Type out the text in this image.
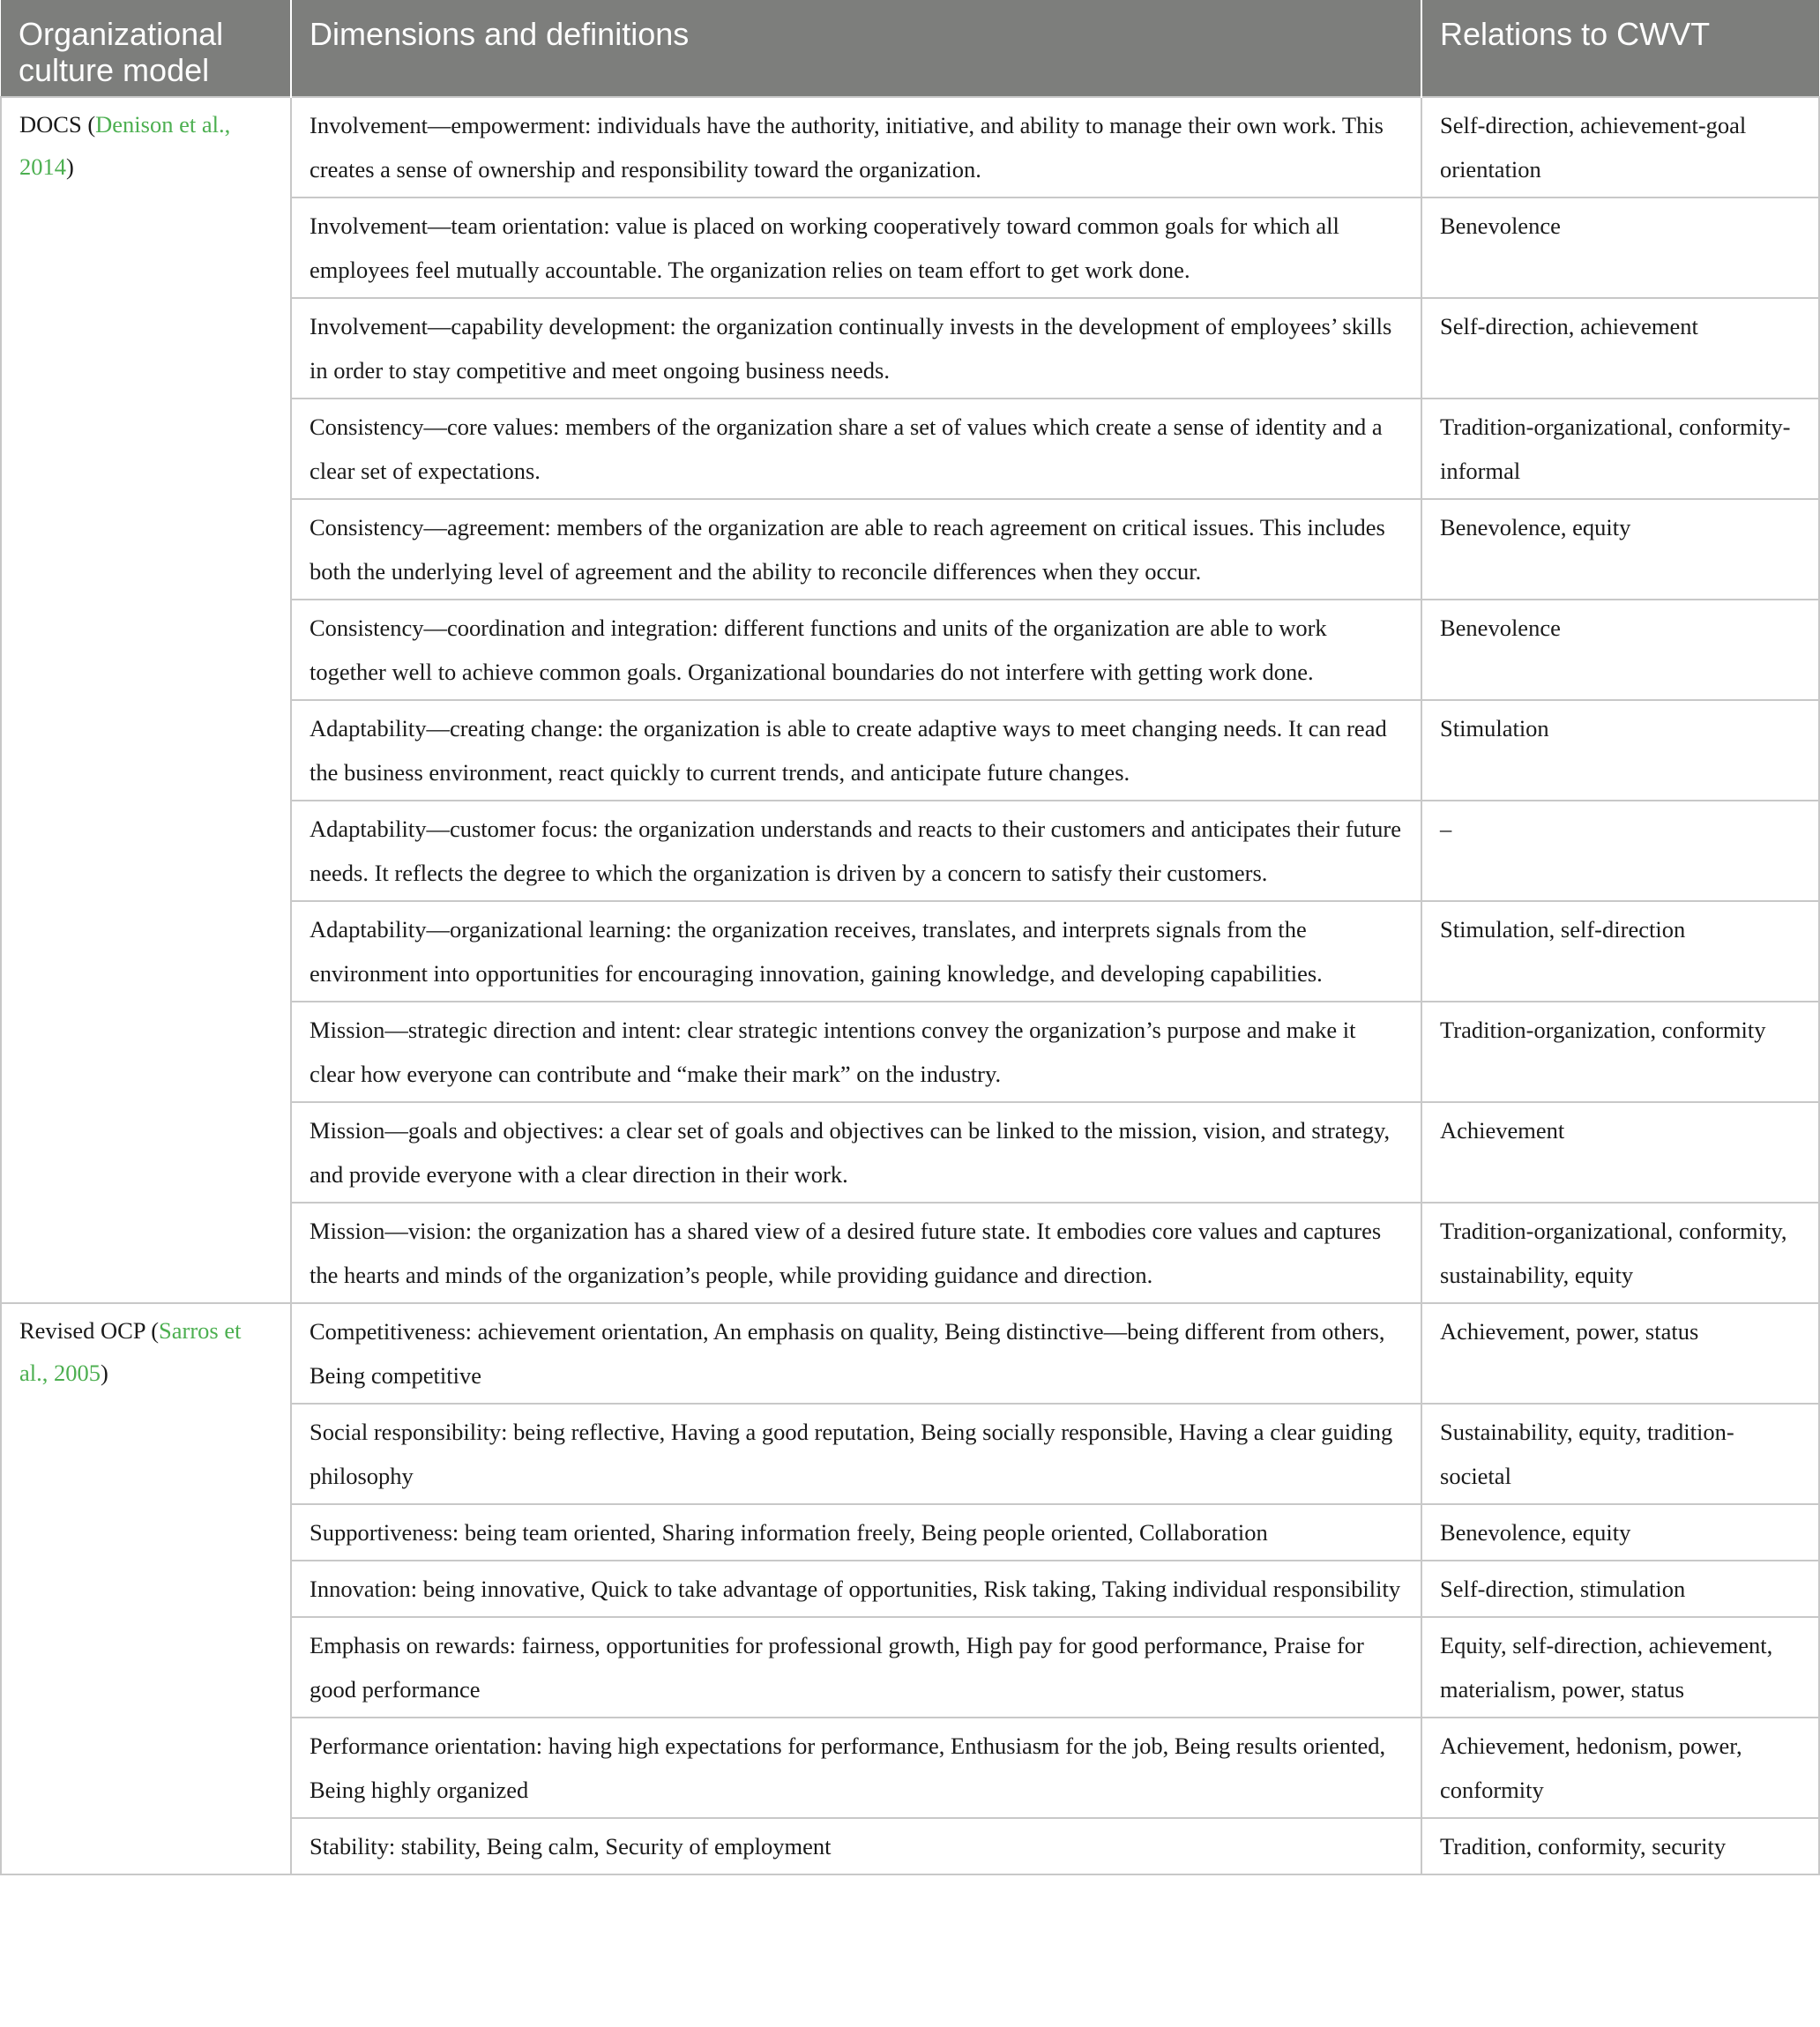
Organizational culture model	Dimensions and definitions	Relations to CWVT
DOCS (Denison et al., 2014)	Involvement—empowerment: individuals have the authority, initiative, and ability to manage their own work. This creates a sense of ownership and responsibility toward the organization.	Self-direction, achievement-goal orientation
	Involvement—team orientation: value is placed on working cooperatively toward common goals for which all employees feel mutually accountable. The organization relies on team effort to get work done.	Benevolence
	Involvement—capability development: the organization continually invests in the development of employees’ skills in order to stay competitive and meet ongoing business needs.	Self-direction, achievement
	Consistency—core values: members of the organization share a set of values which create a sense of identity and a clear set of expectations.	Tradition-organizational, conformity-informal
	Consistency—agreement: members of the organization are able to reach agreement on critical issues. This includes both the underlying level of agreement and the ability to reconcile differences when they occur.	Benevolence, equity
	Consistency—coordination and integration: different functions and units of the organization are able to work together well to achieve common goals. Organizational boundaries do not interfere with getting work done.	Benevolence
	Adaptability—creating change: the organization is able to create adaptive ways to meet changing needs. It can read the business environment, react quickly to current trends, and anticipate future changes.	Stimulation
	Adaptability—customer focus: the organization understands and reacts to their customers and anticipates their future needs. It reflects the degree to which the organization is driven by a concern to satisfy their customers.	–
	Adaptability—organizational learning: the organization receives, translates, and interprets signals from the environment into opportunities for encouraging innovation, gaining knowledge, and developing capabilities.	Stimulation, self-direction
	Mission—strategic direction and intent: clear strategic intentions convey the organization’s purpose and make it clear how everyone can contribute and “make their mark” on the industry.	Tradition-organization, conformity
	Mission—goals and objectives: a clear set of goals and objectives can be linked to the mission, vision, and strategy, and provide everyone with a clear direction in their work.	Achievement
	Mission—vision: the organization has a shared view of a desired future state. It embodies core values and captures the hearts and minds of the organization’s people, while providing guidance and direction.	Tradition-organizational, conformity, sustainability, equity
Revised OCP (Sarros et al., 2005)	Competitiveness: achievement orientation, An emphasis on quality, Being distinctive—being different from others, Being competitive	Achievement, power, status
	Social responsibility: being reflective, Having a good reputation, Being socially responsible, Having a clear guiding philosophy	Sustainability, equity, tradition-societal
	Supportiveness: being team oriented, Sharing information freely, Being people oriented, Collaboration	Benevolence, equity
	Innovation: being innovative, Quick to take advantage of opportunities, Risk taking, Taking individual responsibility	Self-direction, stimulation
	Emphasis on rewards: fairness, opportunities for professional growth, High pay for good performance, Praise for good performance	Equity, self-direction, achievement, materialism, power, status
	Performance orientation: having high expectations for performance, Enthusiasm for the job, Being results oriented, Being highly organized	Achievement, hedonism, power, conformity
	Stability: stability, Being calm, Security of employment	Tradition, conformity, security
